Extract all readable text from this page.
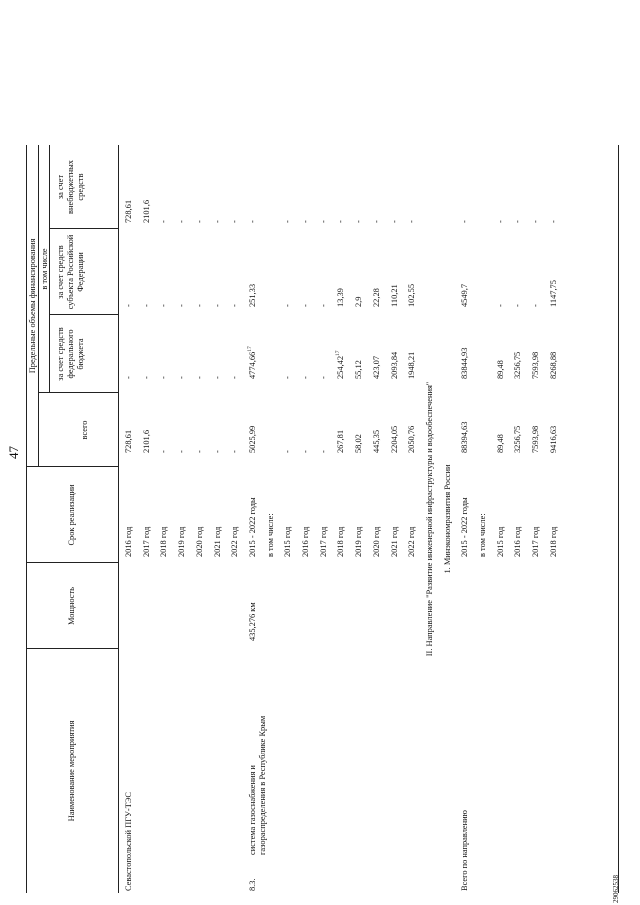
47
Наименование мероприятия
Мощность
Срок реализации
Предельные объемы финансирования
всего
в том числе
за счет средств федерального бюджета
за счет средств субъекта Российской Федерации
за счет внебюджетных средств
Севастопольской ПГУ-ТЭС
2016 год
728,61
-
-
728,61
2017 год
2101,6
-
-
2101,6
2018 год
-
-
-
-
2019 год
-
-
-
-
2020 год
-
-
-
-
2021 год
-
-
-
-
2022 год
-
-
-
-
8.3.
система газоснабжения и газораспределения в Республике Крым
435,276 км
2015 - 2022 годы
5025,99
4774,66$^{17}$
251,33
-
в том числе: 2015 год
-
-
-
-
2016 год
-
-
-
-
2017 год
-
-
-
-
2018 год
267,81
254,42$^{17}$
13,39
-
2019 год
58,02
55,12
2,9
-
2020 год
445,35
423,07
22,28
-
2021 год
2204,05
2093,84
110,21
-
2022 год
2050,76
1948,21
102,55
-
II. Направление "Развитие инженерной инфраструктуры и водообеспечения" 1. Минэкономразвития России
Всего по направлению
2015 - 2022 годы
88394,63
83844,93
4549,7
-
в том числе: 2015 год
89,48
89,48
-
-
2016 год
3256,75
3256,75
-
-
2017 год
7593,98
7593,98
-
-
2018 год
9416,63
8268,88
1147,75
-
29062538
